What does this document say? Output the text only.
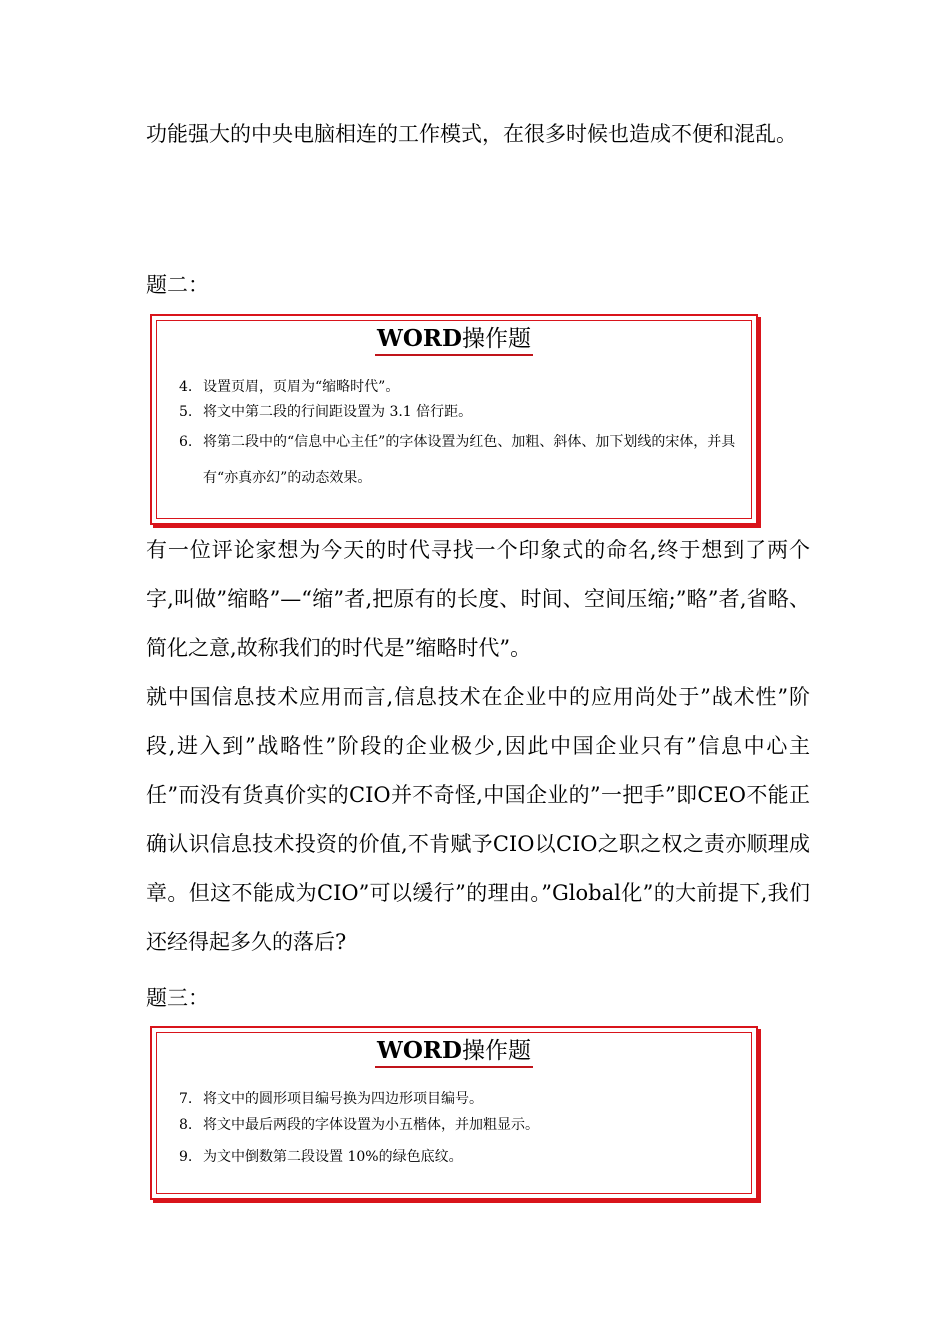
功能强大的中央电脑相连的工作模式，在很多时候也造成不便和混乱。

题二：

WORD操作题
4. 设置页眉，页眉为“缩略时代”。
5. 将文中第二段的行间距设置为 3.1 倍行距。
6. 将第二段中的“信息中心主任”的字体设置为红色、加粗、斜体、加下划线的宋体，并具有“亦真亦幻”的动态效果。

有一位评论家想为今天的时代寻找一个印象式的命名,终于想到了两个字,叫做”缩略”—“缩”者,把原有的长度、时间、空间压缩;”略”者,省略、简化之意,故称我们的时代是”缩略时代”。

就中国信息技术应用而言,信息技术在企业中的应用尚处于”战术性”阶段,进入到”战略性”阶段的企业极少,因此中国企业只有”信息中心主任”而没有货真价实的CIO并不奇怪,中国企业的”一把手”即CEO不能正确认识信息技术投资的价值,不肯赋予CIO以CIO之职之权之责亦顺理成章。但这不能成为CIO”可以缓行”的理由。”Global化”的大前提下,我们还经得起多久的落后?

题三：

WORD操作题
7. 将文中的圆形项目编号换为四边形项目编号。
8. 将文中最后两段的字体设置为小五楷体，并加粗显示。
9. 为文中倒数第二段设置 10%的绿色底纹。
